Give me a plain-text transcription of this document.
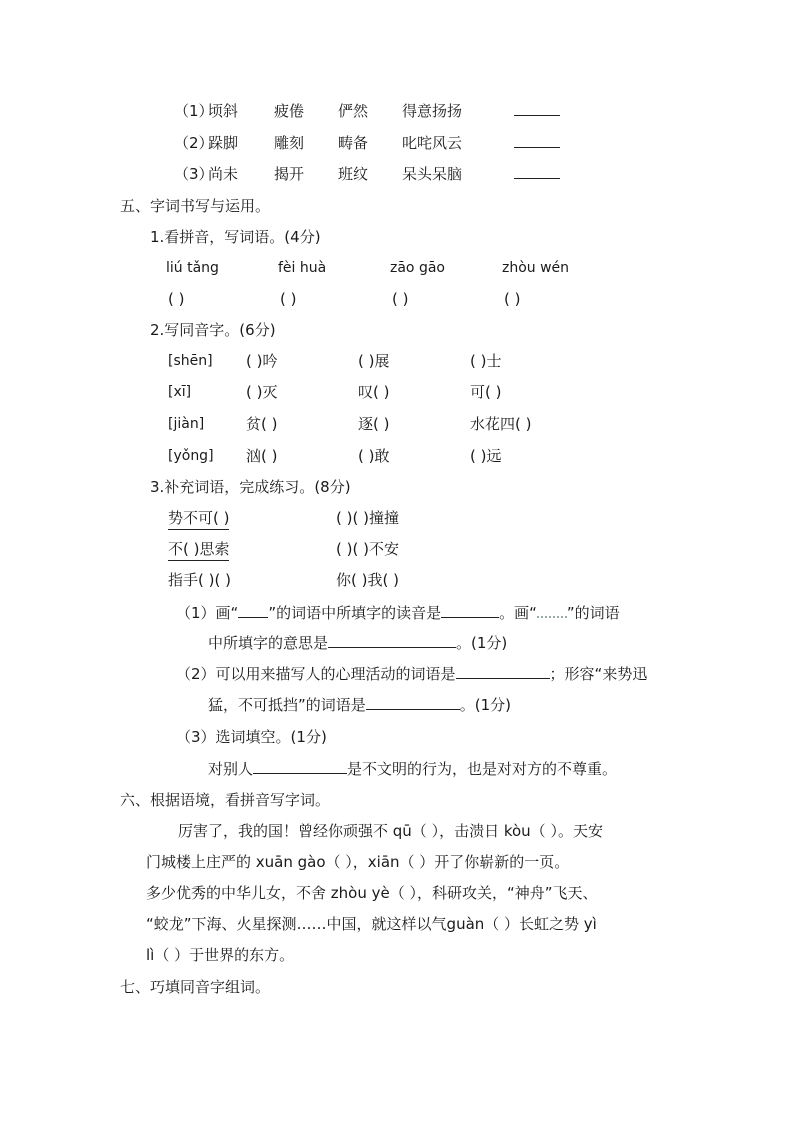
（1）
顷斜 疲倦 俨然 得意扬扬
（2）
跺脚 雕刻 畴备 叱咤风云
（3）
尚未 揭开 班纹 呆头呆脑
五、字词书写与运用。
1.看拼音，写词语。(4分)
liú tǎng	fèi huà	zāo gāo	zhòu wén
( )	( )	( )	( )
2.写同音字。(6分)
[shēn] ( )吟	( )展	( )士
[xī]	( )灭	叹( )	可( )
[jiàn]	贫( )	逐( )	水花四( )
[yǒng] 汹( )	( )敢	( )远
3.补充词语，完成练习。(8分)
势不可( )	( )( )撞撞
不( )思索	( )( )不安
指手( )( )	你( )我( )
（1）画“ ”的词语中所填字的读音是	。画“ ”的词语
中所填字的意思是	。(1分)
（2）可以用来描写人的心理活动的词语是	；形容“来势迅
猛，不可抵挡”的词语是	。(1分)
（3）选词填空。(1分)
对别人	是不文明的行为，也是对对方的不尊重。
六、根据语境，看拼音写字词。
厉害了，我的国！曾经你顽强不 qū（ ），击溃日 kòu（ ）。天安
门城楼上庄严的 xuān gào（ ），xiān（ ）开了你崭新的一页。
多少优秀的中华儿女，不舍 zhòu yè（ ），科研攻关，“神舟”飞天、
“蛟龙”下海、火星探测……中国，就这样以气guàn（ ）长虹之势 yì
lì（ ）于世界的东方。
七、巧填同音字组词。
